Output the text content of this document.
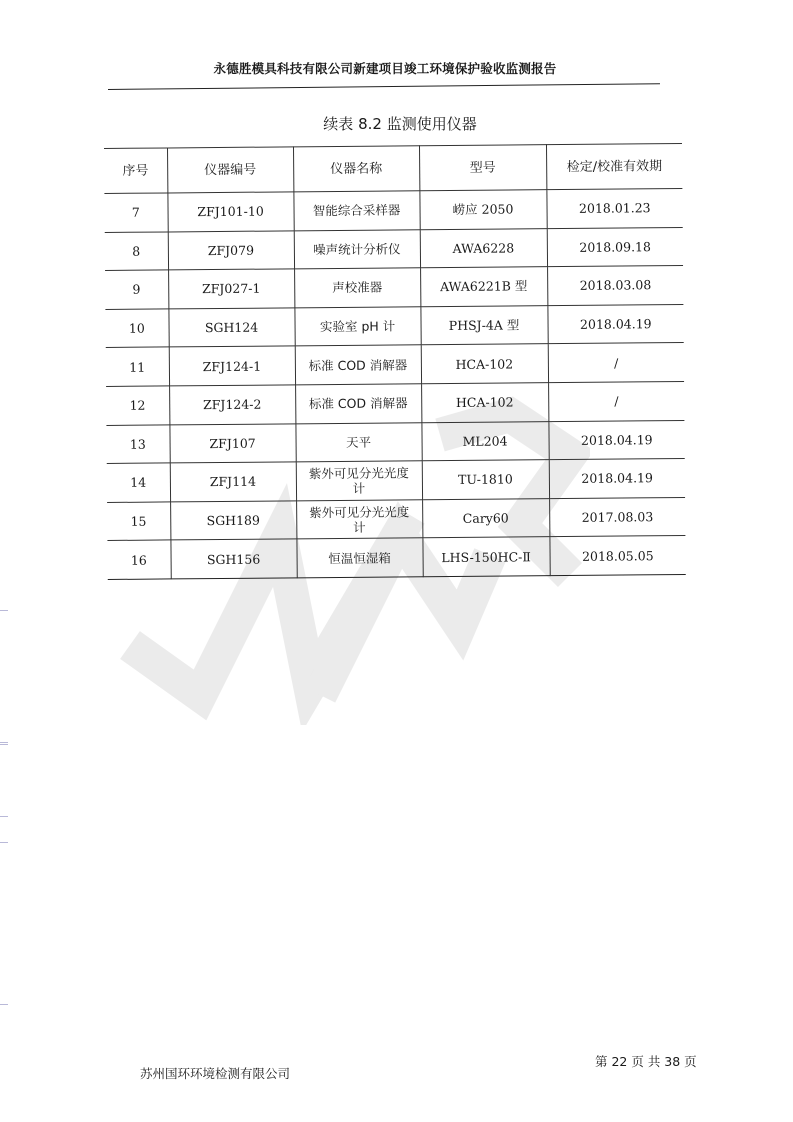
永德胜模具科技有限公司新建项目竣工环境保护验收监测报告
续表 8.2 监测使用仪器
序号	仪器编号	仪器名称	型号	检定/校准有效期
7	ZFJ101-10	智能综合采样器	崂应 2050	2018.01.23
8	ZFJ079	噪声统计分析仪	AWA6228	2018.09.18
9	ZFJ027-1	声校准器	AWA6221B 型	2018.03.08
10	SGH124	实验室 pH 计	PHSJ-4A 型	2018.04.19
11	ZFJ124-1	标准 COD 消解器	HCA-102	/
12	ZFJ124-2	标准 COD 消解器	HCA-102	/
13	ZFJ107	天平	ML204	2018.04.19
14	ZFJ114	紫外可见分光光度计	TU-1810	2018.04.19
15	SGH189	紫外可见分光光度计	Cary60	2017.08.03
16	SGH156	恒温恒湿箱	LHS-150HC-Ⅱ	2018.05.05
苏州国环环境检测有限公司
第 22 页 共 38 页
